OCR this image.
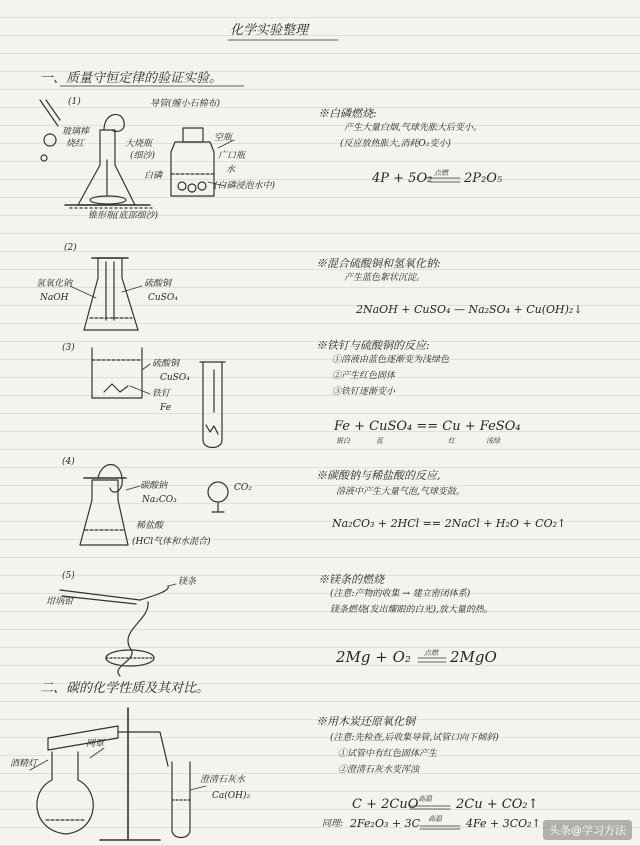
化学实验整理
一、质量守恒定律的验证实验。
二、碳的化学性质及其对比。
(1)	导管(缠小石棉布)
玻璃棒
烧红	大烧瓶
(细沙)
空瓶
广口瓶
水
白磷
(白磷浸泡水中)
锥形瓶(底部细沙)
※白磷燃烧:
产生大量白烟,气球先胀大后变小。
(反应放热胀大,消耗O₂变小)
4P + 5O₂ 点燃 2P₂O₅
(2)
氢氧化钠
NaOH
硫酸铜
CuSO₄
※混合硫酸铜和氢氧化钠:
产生蓝色絮状沉淀。
2NaOH + CuSO₄ — Na₂SO₄ + Cu(OH)₂↓
(3)
硫酸铜
CuSO₄
铁钉
Fe
※铁钉与硫酸铜的反应:
①溶液由蓝色逐渐变为浅绿色
②产生红色固体
③铁钉逐渐变小
Fe + CuSO₄ == Cu + FeSO₄
银白	蓝	红	浅绿
(4)
碳酸钠
Na₂CO₃
稀盐酸
(HCl气体和水混合)
CO₂
※碳酸钠与稀盐酸的反应,
溶液中产生大量气泡,气球变鼓。
Na₂CO₃ + 2HCl == 2NaCl + H₂O + CO₂↑
(5)
坩埚钳
镁条	※镁条的燃烧
(注意:产物的收集 → 建立密闭体系)
镁条燃烧(发出耀眼的白光),放大量的热。
2Mg + O₂ 点燃 2MgO
酒精灯
网罩
澄清石灰水
Ca(OH)₂
※用木炭还原氧化铜
(注意:先检查,后收集导管,试管口向下倾斜)
①试管中有红色固体产生
②澄清石灰水变浑浊
C + 2CuO 高温 2Cu + CO₂↑
同理: 2Fe₂O₃ + 3C 高温 4Fe + 3CO₂↑
头条@学习方法
